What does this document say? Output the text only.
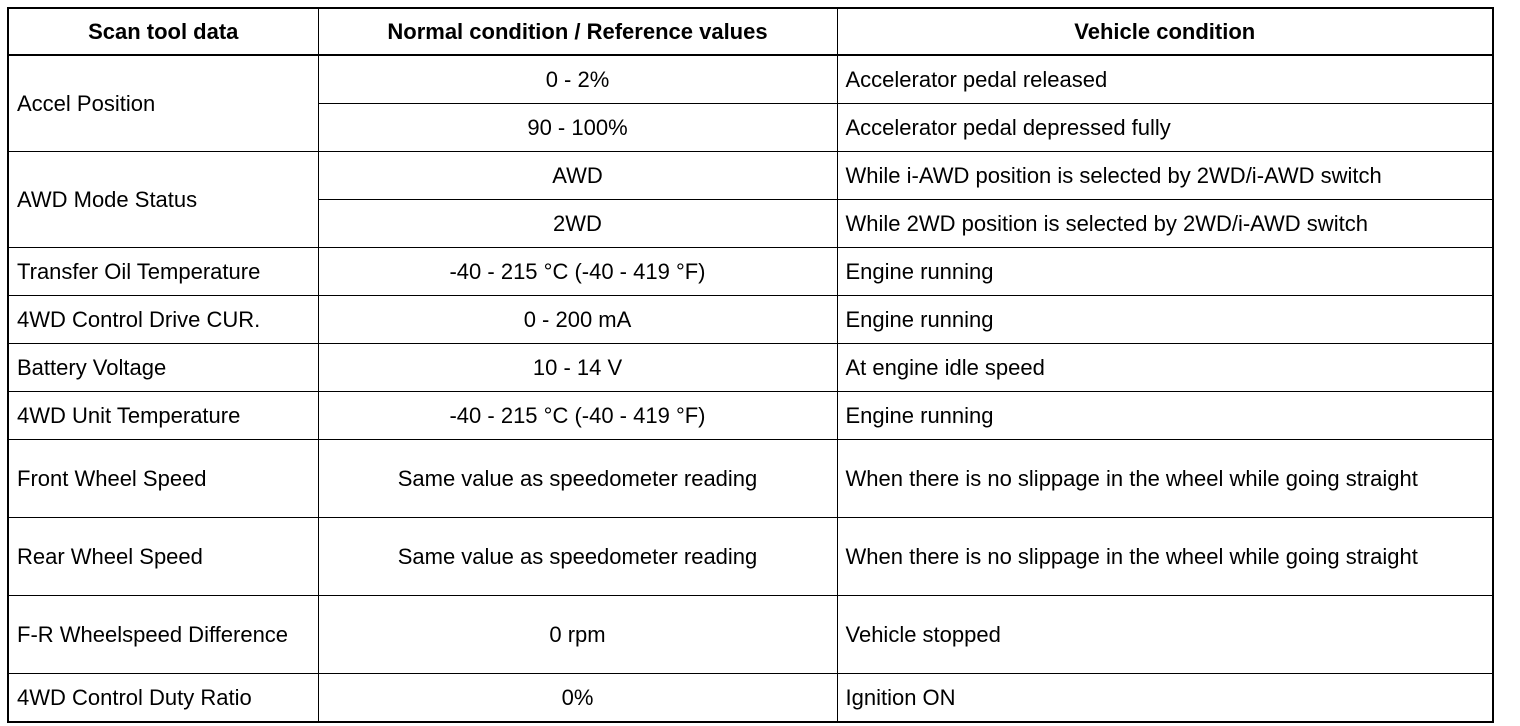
Scan tool data	Normal condition / Reference values	Vehicle condition
Accel Position	0 - 2%	Accelerator pedal released
	90 - 100%	Accelerator pedal depressed fully
AWD Mode Status	AWD	While i-AWD position is selected by 2WD/i-AWD switch
	2WD	While 2WD position is selected by 2WD/i-AWD switch
Transfer Oil Temperature	-40 - 215 °C (-40 - 419 °F)	Engine running
4WD Control Drive CUR.	0 - 200 mA	Engine running
Battery Voltage	10 - 14 V	At engine idle speed
4WD Unit Temperature	-40 - 215 °C (-40 - 419 °F)	Engine running
Front Wheel Speed	Same value as speedometer reading	When there is no slippage in the wheel while going straight
Rear Wheel Speed	Same value as speedometer reading	When there is no slippage in the wheel while going straight
F-R Wheelspeed Difference	0 rpm	Vehicle stopped
4WD Control Duty Ratio	0%	Ignition ON
